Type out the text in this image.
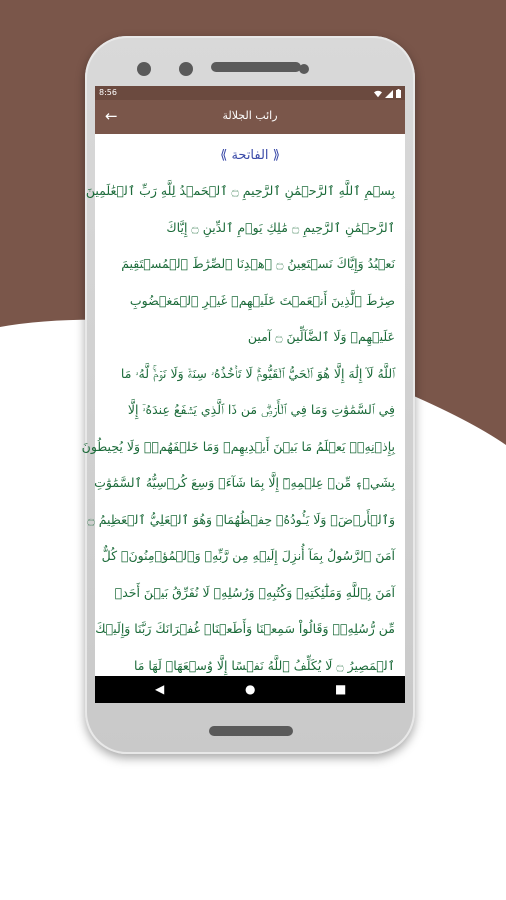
8:56
←	رائب الجلالة
⟪ الفاتحة ⟫
بِسۡمِ ٱللَّهِ ٱلرَّحۡمَٰنِ ٱلرَّحِيمِ ۝ ٱلۡحَمۡدُ لِلَّهِ رَبِّ ٱلۡعَٰلَمِينَ
ٱلرَّحۡمَٰنِ ٱلرَّحِيمِ ۝ مَٰلِكِ يَوۡمِ ٱلدِّينِ ۝ إِيَّاكَ
نَعۡبُدُ وَإِيَّاكَ نَسۡتَعِينُ ۝ ٱهۡدِنَا ٱلصِّرَٰطَ ٱلۡمُسۡتَقِيمَ
صِرَٰطَ ٱلَّذِينَ أَنۡعَمۡتَ عَلَيۡهِمۡ غَيۡرِ ٱلۡمَغۡضُوبِ
عَلَيۡهِمۡ وَلَا ٱلضَّآلِّينَ ۝ آمين
ٱللَّهُ لَآ إِلَٰهَ إِلَّا هُوَ ٱلۡحَيُّ ٱلۡقَيُّومُۚ لَا تَأۡخُذُهُۥ سِنَةٞ وَلَا نَوۡمٞۚ لَّهُۥ مَا
فِي ٱلسَّمَٰوَٰتِ وَمَا فِي ٱلۡأَرۡضِۗ مَن ذَا ٱلَّذِي يَشۡفَعُ عِندَهُۥٓ إِلَّا
بِإِذۡنِهِۦۚ يَعۡلَمُ مَا بَيۡنَ أَيۡدِيهِمۡ وَمَا خَلۡفَهُمۡۖ وَلَا يُحِيطُونَ
بِشَيۡءٖ مِّنۡ عِلۡمِهِۦٓ إِلَّا بِمَا شَآءَۚ وَسِعَ كُرۡسِيُّهُ ٱلسَّمَٰوَٰتِ
وَٱلۡأَرۡضَۖ وَلَا يَـُٔودُهُۥ حِفۡظُهُمَاۚ وَهُوَ ٱلۡعَلِيُّ ٱلۡعَظِيمُ ۝
آمَنَ ٱلرَّسُولُ بِمَآ أُنزِلَ إِلَيۡهِ مِن رَّبِّهِۦ وَٱلۡمُؤۡمِنُونَۚ كُلٌّ
آمَنَ بِٱللَّهِ وَمَلَٰٓئِكَتِهِۦ وَكُتُبِهِۦ وَرُسُلِهِۦ لَا نُفَرِّقُ بَيۡنَ أَحَدٖ
مِّن رُّسُلِهِۦۚ وَقَالُواْ سَمِعۡنَا وَأَطَعۡنَاۖ غُفۡرَانَكَ رَبَّنَا وَإِلَيۡكَ
ٱلۡمَصِيرُ ۝ لَا يُكَلِّفُ ٱللَّهُ نَفۡسًا إِلَّا وُسۡعَهَاۚ لَهَا مَا
◀	●	■
